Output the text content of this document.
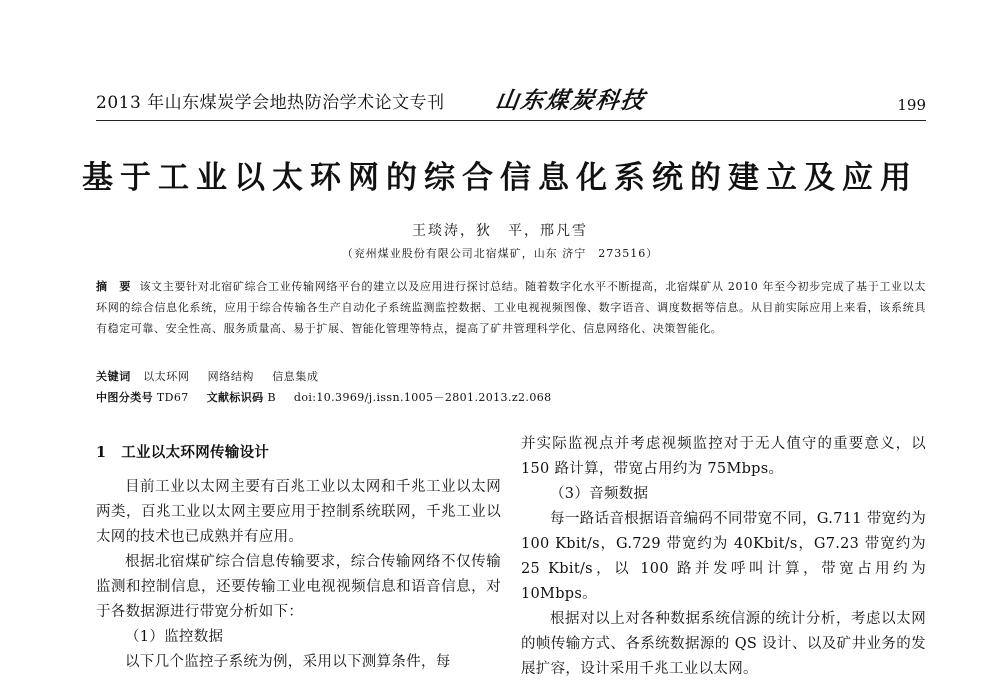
2013 年山东煤炭学会地热防治学术论文专刊 山东煤炭科技	199
基于工业以太环网的综合信息化系统的建立及应用
王琰涛，狄　平，邢凡雪
（兖州煤业股份有限公司北宿煤矿，山东 济宁　273516）
摘　要 该文主要针对北宿矿综合工业传输网络平台的建立以及应用进行探讨总结。随着数字化水平不断提高，北宿煤矿从 2010 年至今初步完成了基于工业以太环网的综合信息化系统，应用于综合传输各生产自动化子系统监测监控数据、工业电视视频图像、数字语音、调度数据等信息。从目前实际应用上来看，该系统具有稳定可靠、安全性高、服务质量高、易于扩展、智能化管理等特点，提高了矿井管理科学化、信息网络化、决策智能化。
关键词 以太环网 网络结构 信息集成
中图分类号 TD67 文献标识码 B doi:10.3969/j.issn.1005－2801.2013.z2.068
1　工业以太环网传输设计
目前工业以太网主要有百兆工业以太网和千兆工业以太网两类，百兆工业以太网主要应用于控制系统联网，千兆工业以太网的技术也已成熟并有应用。
根据北宿煤矿综合信息传输要求，综合传输网络不仅传输监测和控制信息，还要传输工业电视视频信息和语音信息，对于各数据源进行带宽分析如下：
（1）监控数据
以下几个监控子系统为例，采用以下测算条件，每
并实际监视点并考虑视频监控对于无人值守的重要意义，以 150 路计算，带宽占用约为 75Mbps。
（3）音频数据
每一路话音根据语音编码不同带宽不同，G.711 带宽约为 100 Kbit/s，G.729 带宽约为 40Kbit/s，G7.23 带宽约为 25 Kbit/s，以 100 路并发呼叫计算，带宽占用约为 10Mbps。
根据对以上对各种数据系统信源的统计分析，考虑以太网的帧传输方式、各系统数据源的 QS 设计、以及矿井业务的发展扩容，设计采用千兆工业以太网。
